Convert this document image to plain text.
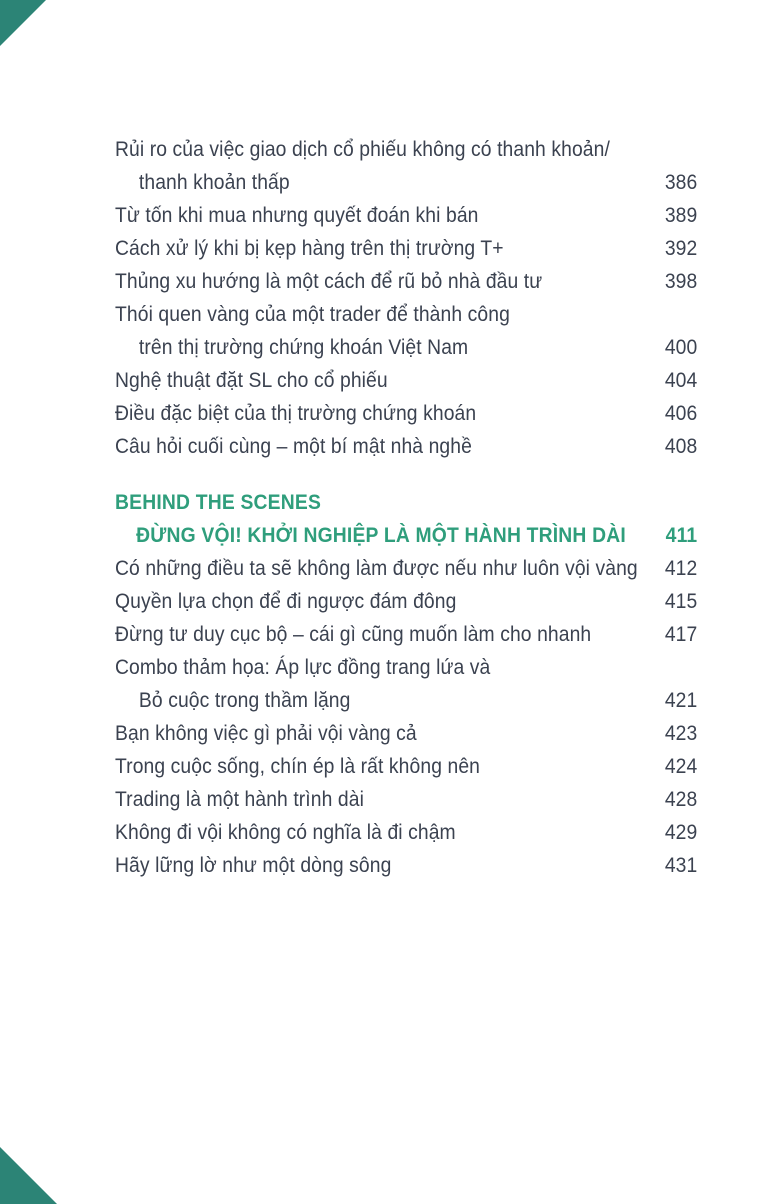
Rủi ro của việc giao dịch cổ phiếu không có thanh khoản/
thanh khoản thấp	386
Từ tốn khi mua nhưng quyết đoán khi bán	389
Cách xử lý khi bị kẹp hàng trên thị trường T+	392
Thủng xu hướng là một cách để rũ bỏ nhà đầu tư	398
Thói quen vàng của một trader để thành công
trên thị trường chứng khoán Việt Nam	400
Nghệ thuật đặt SL cho cổ phiếu	404
Điều đặc biệt của thị trường chứng khoán	406
Câu hỏi cuối cùng – một bí mật nhà nghề	408
BEHIND THE SCENES
ĐỪNG VỘI! KHỞI NGHIỆP LÀ MỘT HÀNH TRÌNH DÀI	411
Có những điều ta sẽ không làm được nếu như luôn vội vàng	412
Quyền lựa chọn để đi ngược đám đông	415
Đừng tư duy cục bộ – cái gì cũng muốn làm cho nhanh	417
Combo thảm họa: Áp lực đồng trang lứa và
Bỏ cuộc trong thầm lặng	421
Bạn không việc gì phải vội vàng cả	423
Trong cuộc sống, chín ép là rất không nên	424
Trading là một hành trình dài	428
Không đi vội không có nghĩa là đi chậm	429
Hãy lững lờ như một dòng sông	431
